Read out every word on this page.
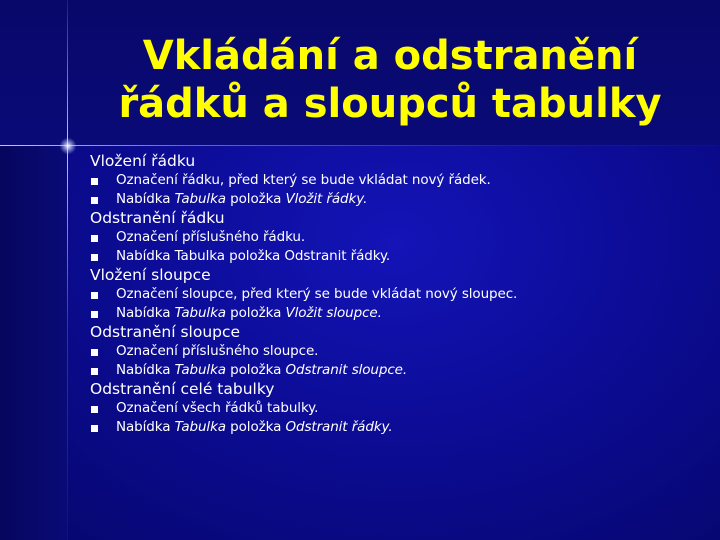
Vkládání a odstranění
řádků a sloupců tabulky
Vložení řádku
Označení řádku, před který se bude vkládat nový řádek.
Nabídka Tabulka položka Vložit řádky.
Odstranění řádku
Označení příslušného řádku.
Nabídka Tabulka položka Odstranit řádky.
Vložení sloupce
Označení sloupce, před který se bude vkládat nový sloupec.
Nabídka Tabulka položka Vložit sloupce.
Odstranění sloupce
Označení příslušného sloupce.
Nabídka Tabulka položka Odstranit sloupce.
Odstranění celé tabulky
Označení všech řádků tabulky.
Nabídka Tabulka položka Odstranit řádky.
